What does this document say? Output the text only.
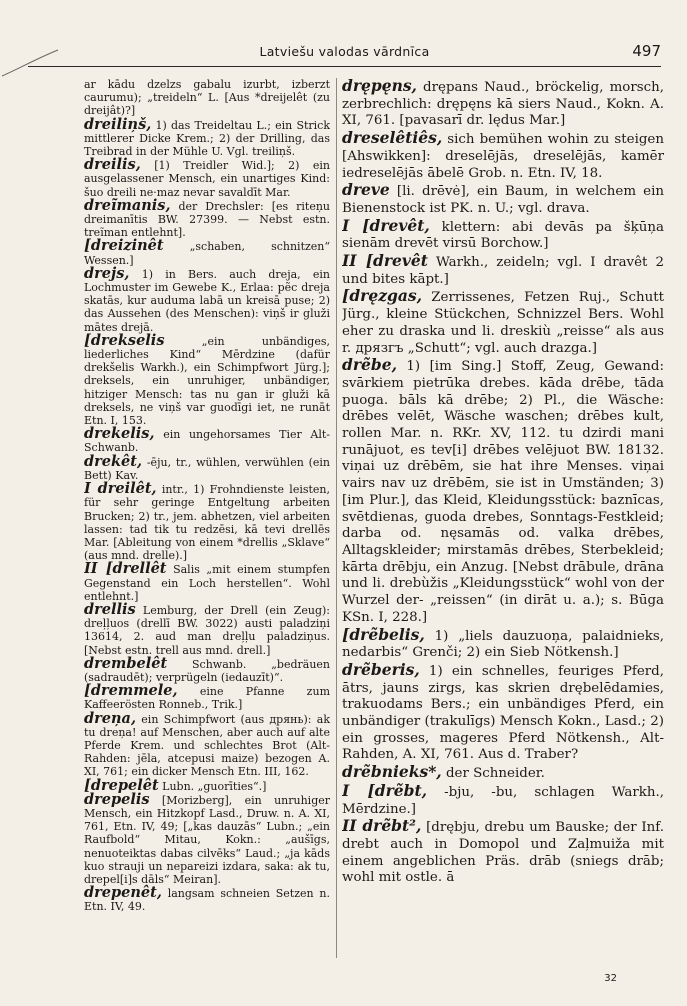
Latviešu valodas vārdnīca	497

ar kādu dzelzs gabalu izurbt, izberzt caurumu); „treideln“ L. [Aus *dreijelêt (zu dreijât)?]

dreiliņš, 1) das Treideltau L.; ein Strick mittlerer Dicke Krem.; 2) der Drilling, das Treibrad in der Mühle U. Vgl. treiliņš.

dreilis, [1) Treidler Wid.]; 2) ein ausgelassener Mensch, ein unartiges Kind: šuo dreili ne·maz nevar savaldīt Mar.

dreĩmanis, der Drechsler: [es riteņu dreimanītis BW. 27399. — Nebst estn. treĩman entlehnt].

[dreizinêt „schaben, schnitzen“ Wessen.]

drejs, 1) in Bers. auch dreja, ein Lochmuster im Gewebe K., Erlaa: pẽc dreja skatās, kur auduma labā un kreisā puse; 2) das Aussehen (des Menschen): viņš ir gluži mātes drejā.

[drekselis	„ein unbändiges, liederliches Kind“ Mērdzine (dafür drekšelis Warkh.), ein Schimpfwort Jürg.]; dreksels, ein unruhiger, unbändiger, hitziger Mensch: tas nu gan ir gluži kā dreksels, ne viņš var guodīgi iet, ne runāt Etn. I, 153.

drekelis, ein ungehorsames Tier Alt-Schwanb.

drekêt, -ēju, tr., wühlen, verwühlen (ein Bett) Kav.

I dreilêt, intr., 1) Frohndienste leisten, für sehr geringe Entgeltung arbeiten Brucken; 2) tr., jem. abhetzen, viel arbeiten lassen: tad tik tu redzēsi, kā tevi drellēs Mar. [Ableitung von einem *drellis „Sklave“ (aus mnd. drelle).]

II [drellêt Salis „mit einem stumpfen Gegenstand ein Loch herstellen“. Wohl entlehnt.]

drellis Lemburg, der Drell (ein Zeug): drel̦l̦uos (drellī BW. 3022) austi paladziņi 13614, 2. aud man drel̦l̦u paladziņus. [Nebst estn. trell aus mnd. drell.]

drembelêt Schwanb. „bedräuen (sadraudēt); verprügeln (iedauzīt)“.

[dremmele, eine Pfanne zum Kaffeerösten Ronneb., Trik.]

dreņa, ein Schimpfwort (aus дрянь): ak tu dreņa! auf Menschen, aber auch auf alte Pferde Krem. und schlechtes Brot (Alt-Rahden: jēla, atcepusi maize) bezogen A. XI, 761; ein dicker Mensch Etn. III, 162.

[drepelêt Lubn. „guorīties“.]

drepelis [Morizberg], ein unruhiger Mensch, ein Hitzkopf Lasd., Druw. n. A. XI, 761, Etn. IV, 49; [„kas dauzās“ Lubn.; „ein Raufbold“ Mitau, Kokn.: „aušīgs, nenuoteiktas dabas cilvēks“ Laud.; „ja kāds kuo strauji un nepareizi izdara, saka: ak tu, drepel[i]s dāls“ Meiran].

drepenêt, langsam schneien Setzen n. Etn. IV, 49.

drępęns, drępans Naud., bröckelig, morsch, zerbrechlich: drępęns kā siers Naud., Kokn. A. XI, 761. [pavasarī dr. lędus Mar.]

dreselêtiês, sich bemühen wohin zu steigen [Ahswikken]: dreselējās, dreselējās, kamēr iedreselējās ābelē Grob. n. Etn. IV, 18.

dreve [li. drēvė], ein Baum, in welchem ein Bienenstock ist PK. n. U.; vgl. drava.

I [drevêt, klettern: abi devās pa šķūņa sienām drevēt virsū Borchow.]

II [drevêt Warkh., zeideln; vgl. I dravêt 2 und bites kāpt.]

[dręzgas, Zerrissenes, Fetzen Ruj., Schutt Jürg., kleine Stückchen, Schnizzel Bers. Wohl eher zu draska und li. dreskiù „reisse“ als aus r. дрязгъ „Schutt“; vgl. auch drazga.]

drẽbe, 1) [im Sing.] Stoff, Zeug, Gewand: svārkiem pietrūka drebes. kāda drēbe, tāda puoga. bāls kā drēbe; 2) Pl., die Wäsche: drēbes velēt, Wäsche waschen; drēbes kult, rollen Mar. n. RKr. XV, 112. tu dzirdi mani runājuot, es tev[i] drēbes velējuot BW. 18132. viņai uz drēbēm, sie hat ihre Menses. viņai vairs nav uz drēbēm, sie ist in Umständen; 3) [im Plur.], das Kleid, Kleidungsstück: baznīcas, svētdienas, guoda drebes, Sonntags-Festkleid; darba od. nęsamās od. valka drēbes, Alltagskleider; mirstamās drēbes, Sterbekleid; kārta drēbju, ein Anzug. [Nebst drābule, drāna und li. drebùžis „Kleidungsstück“ wohl von der Wurzel der- „reissen“ (in dirāt u. a.); s. Būga KSn. I, 228.]

[drẽbelis, 1) „liels dauzuoņa, palaidnieks, nedarbis“ Grenči; 2) ein Sieb Nötkensh.]

drẽberis, 1) ein schnelles, feuriges Pferd, ātrs, jauns zirgs, kas skrien drębelēdamies, trakuodams Bers.; ein unbändiges Pferd, ein unbändiger (trakulīgs) Mensch Kokn., Lasd.; 2) ein grosses, mageres Pferd Nötkensh., Alt-Rahden, A. XI, 761. Aus d. Traber?

drẽbnieks*, der Schneider.

I [drẽbt, -bju, -bu, schlagen Warkh., Mērdzine.]

II drẽbt², [drębju, drebu um Bauske; der Inf. drebt auch in Domopol und Zaļmuiža mit einem angeblichen Präs. drāb (sniegs drāb; wohl mit ostle. ā

32
